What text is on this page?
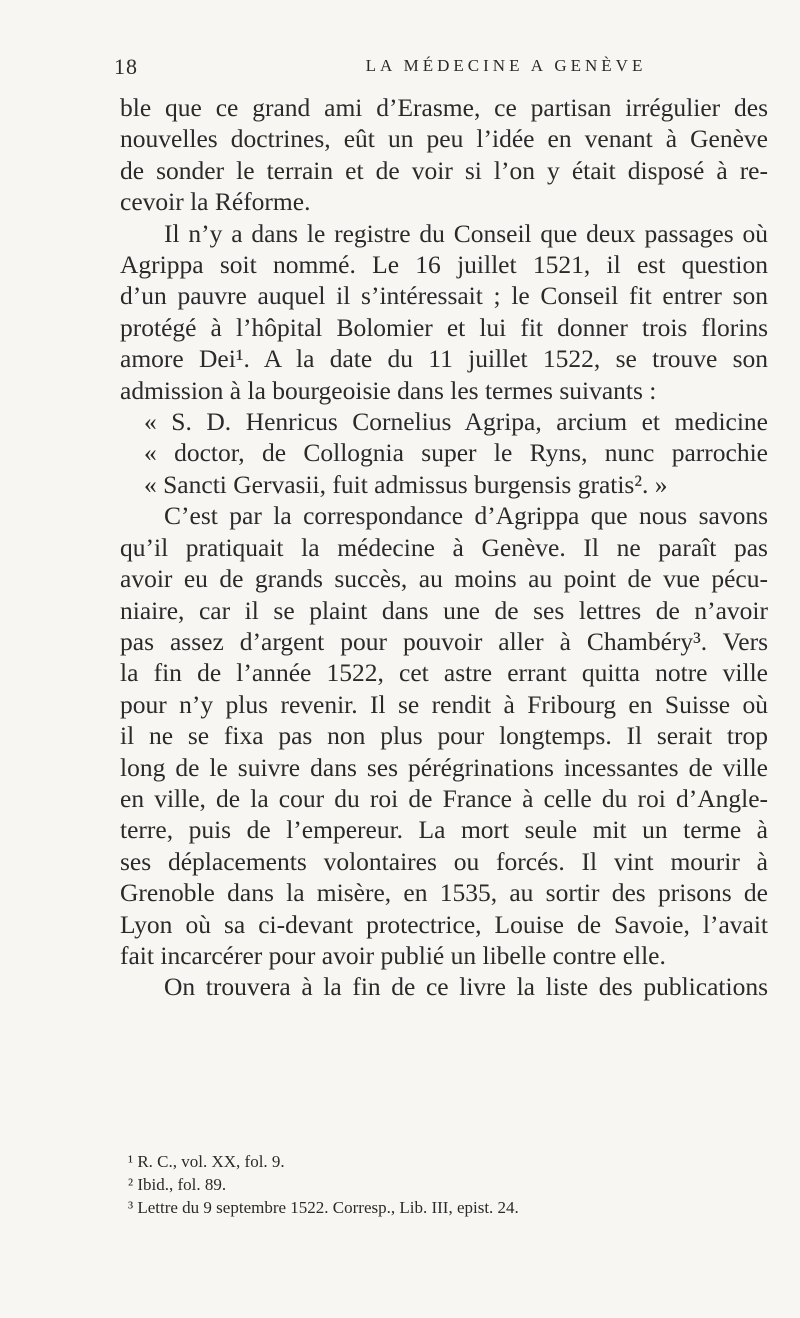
18	LA MÉDECINE A GENÈVE
ble que ce grand ami d’Erasme, ce partisan irrégulier des
nouvelles doctrines, eût un peu l’idée en venant à Genève
de sonder le terrain et de voir si l’on y était disposé à re-
cevoir la Réforme.
Il n’y a dans le registre du Conseil que deux passages où
Agrippa soit nommé. Le 16 juillet 1521, il est question
d’un pauvre auquel il s’intéressait ; le Conseil fit entrer son
protégé à l’hôpital Bolomier et lui fit donner trois florins
amore Dei¹. A la date du 11 juillet 1522, se trouve son
admission à la bourgeoisie dans les termes suivants :
« S. D. Henricus Cornelius Agripa, arcium et medicine
« doctor, de Collognia super le Ryns, nunc parrochie
« Sancti Gervasii, fuit admissus burgensis gratis². »
C’est par la correspondance d’Agrippa que nous savons
qu’il pratiquait la médecine à Genève. Il ne paraît pas
avoir eu de grands succès, au moins au point de vue pécu-
niaire, car il se plaint dans une de ses lettres de n’avoir
pas assez d’argent pour pouvoir aller à Chambéry³. Vers
la fin de l’année 1522, cet astre errant quitta notre ville
pour n’y plus revenir. Il se rendit à Fribourg en Suisse où
il ne se fixa pas non plus pour longtemps. Il serait trop
long de le suivre dans ses pérégrinations incessantes de ville
en ville, de la cour du roi de France à celle du roi d’Angle-
terre, puis de l’empereur. La mort seule mit un terme à
ses déplacements volontaires ou forcés. Il vint mourir à
Grenoble dans la misère, en 1535, au sortir des prisons de
Lyon où sa ci-devant protectrice, Louise de Savoie, l’avait
fait incarcérer pour avoir publié un libelle contre elle.
On trouvera à la fin de ce livre la liste des publications
¹ R. C., vol. XX, fol. 9.
² Ibid., fol. 89.
³ Lettre du 9 septembre 1522. Corresp., Lib. III, epist. 24.
